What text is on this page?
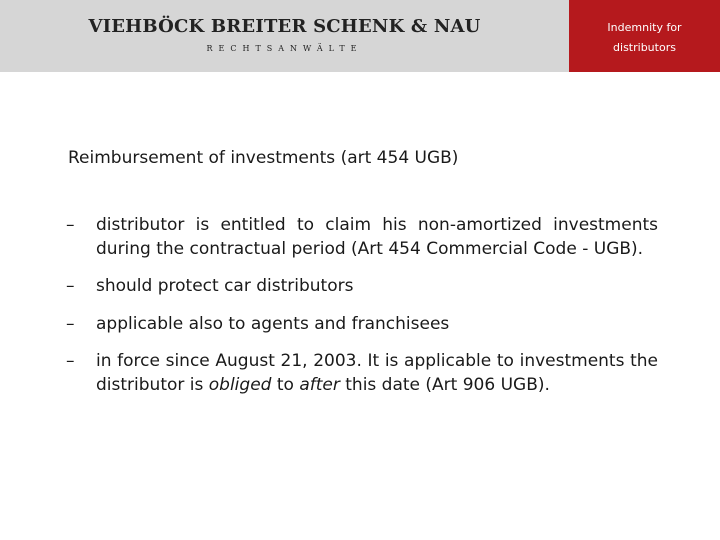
VIEHBÖCK BREITER SCHENK & NAU
RECHTSANWÄLTE
Indemnity for
distributors
Reimbursement of investments (art 454 UGB)
– distributor is entitled to claim his non-amortized investments during the contractual period (Art 454 Commercial Code - UGB).
– should protect car distributors
– applicable also to agents and franchisees
– in force since August 21, 2003. It is applicable to investments the distributor is obliged to after this date (Art 906 UGB).
